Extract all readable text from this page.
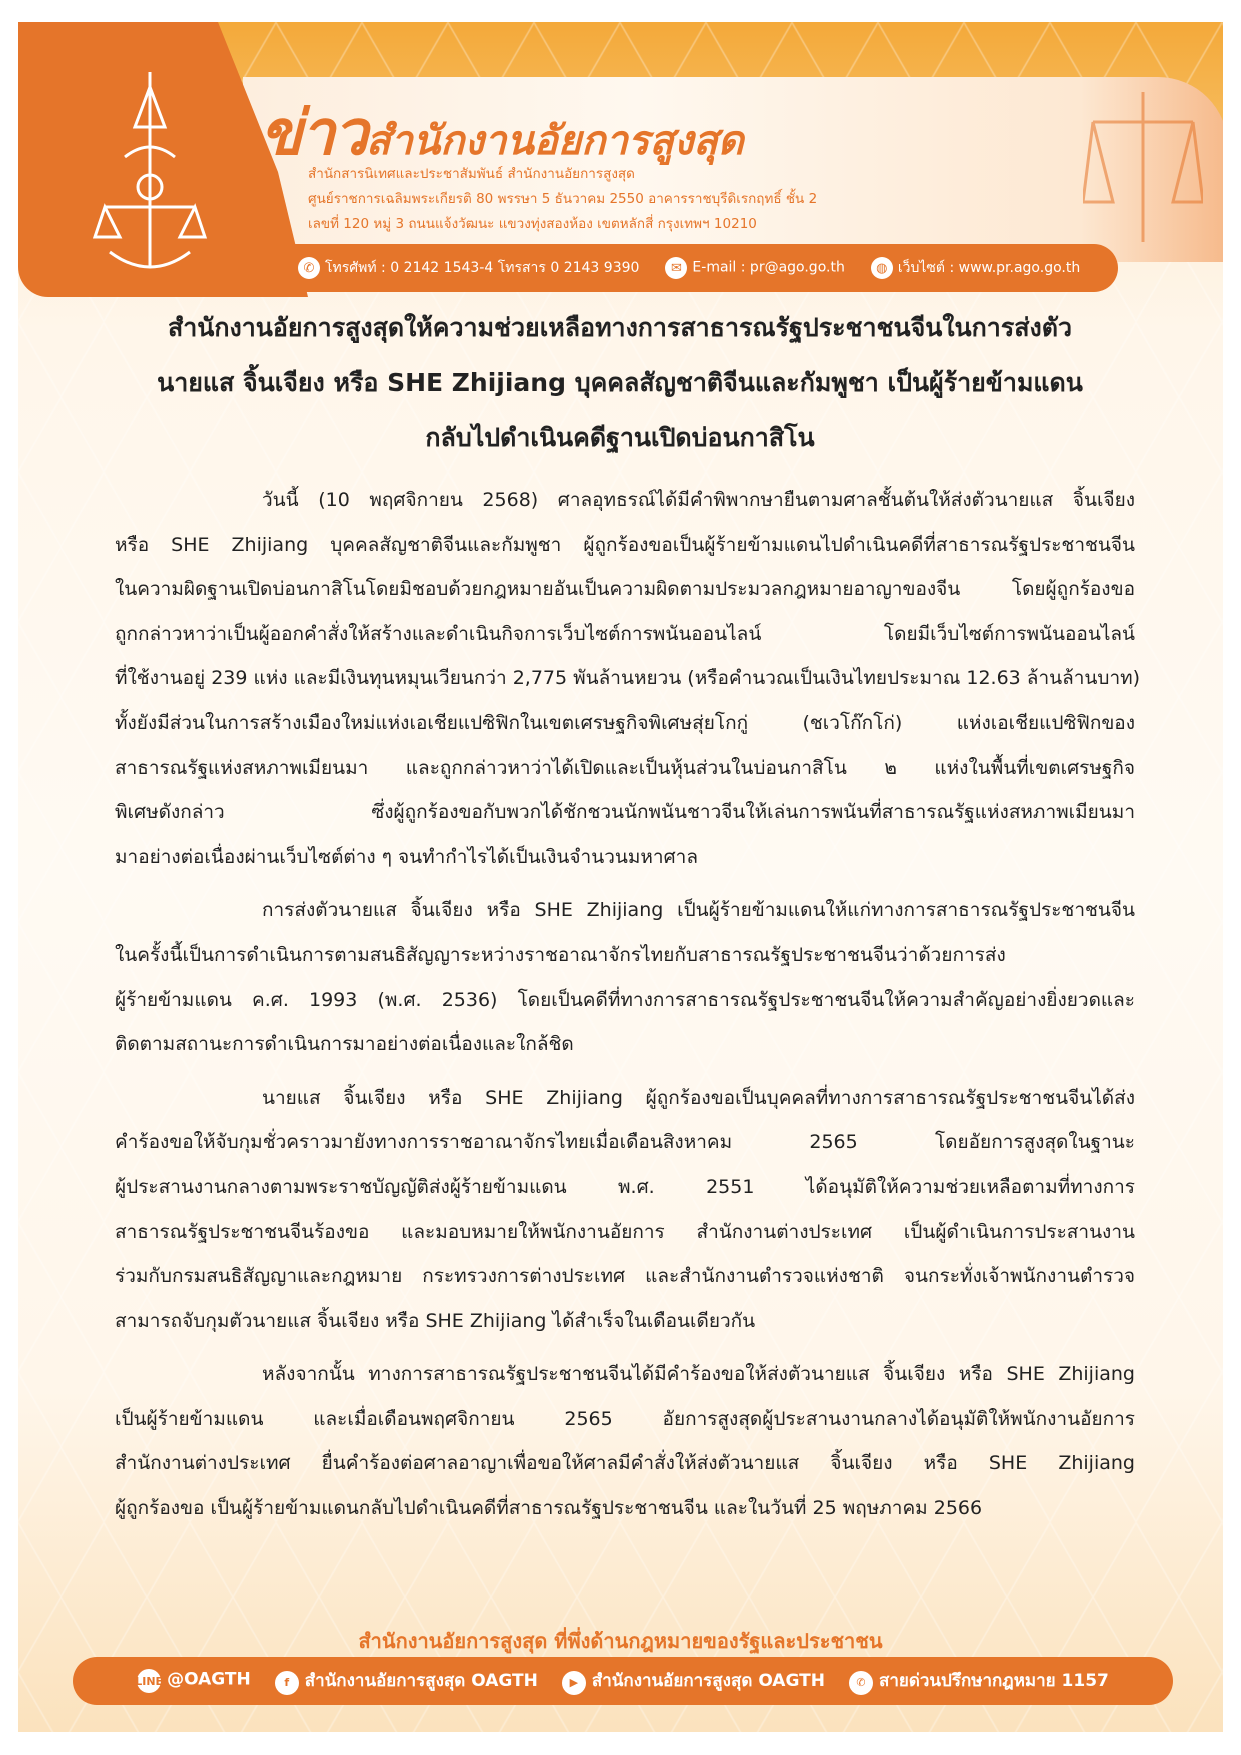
ข่าวสำนักงานอัยการสูงสุด
✆ โทรศัพท์ : 0 2142 1543-4 โทรสาร 0 2143 9390	✉ E-mail : pr@ago.go.th	◍ เว็บไซต์ : www.pr.ago.go.th
สำนักสารนิเทศและประชาสัมพันธ์ สำนักงานอัยการสูงสุด
ศูนย์ราชการเฉลิมพระเกียรติ 80 พรรษา 5 ธันวาคม 2550 อาคารราชบุรีดิเรกฤทธิ์ ชั้น 2
เลขที่ 120 หมู่ 3 ถนนแจ้งวัฒนะ แขวงทุ่งสองห้อง เขตหลักสี่ กรุงเทพฯ 10210
สำนักงานอัยการสูงสุด ที่พึ่งด้านกฎหมายของรัฐและประชาชน
LINE @OAGTH	f สำนักงานอัยการสูงสุด OAGTH	▶ สำนักงานอัยการสูงสุด OAGTH	✆ สายด่วนปรึกษากฎหมาย 1157
สำนักงานอัยการสูงสุดให้ความช่วยเหลือทางการสาธารณรัฐประชาชนจีนในการส่งตัว
นายแส จิ้นเจียง หรือ SHE Zhijiang บุคคลสัญชาติจีนและกัมพูชา เป็นผู้ร้ายข้ามแดน
กลับไปดำเนินคดีฐานเปิดบ่อนกาสิโน
วันนี้ (10 พฤศจิกายน 2568) ศาลอุทธรณ์ได้มีคำพิพากษายืนตามศาลชั้นต้นให้ส่งตัวนายแส จิ้นเจียง
หรือ SHE Zhijiang บุคคลสัญชาติจีนและกัมพูชา ผู้ถูกร้องขอเป็นผู้ร้ายข้ามแดนไปดำเนินคดีที่สาธารณรัฐประชาชนจีน
ในความผิดฐานเปิดบ่อนกาสิโนโดยมิชอบด้วยกฎหมายอันเป็นความผิดตามประมวลกฎหมายอาญาของจีน โดยผู้ถูกร้องขอ
ถูกกล่าวหาว่าเป็นผู้ออกคำสั่งให้สร้างและดำเนินกิจการเว็บไซต์การพนันออนไลน์ โดยมีเว็บไซต์การพนันออนไลน์
ที่ใช้งานอยู่ 239 แห่ง และมีเงินทุนหมุนเวียนกว่า 2,775 พันล้านหยวน (หรือคำนวณเป็นเงินไทยประมาณ 12.63 ล้านล้านบาท)
ทั้งยังมีส่วนในการสร้างเมืองใหม่แห่งเอเชียแปซิฟิกในเขตเศรษฐกิจพิเศษสุ่ยโกกู่ (ชเวโก๊กโก่) แห่งเอเชียแปซิฟิกของ
สาธารณรัฐแห่งสหภาพเมียนมา และถูกกล่าวหาว่าได้เปิดและเป็นหุ้นส่วนในบ่อนกาสิโน ๒ แห่งในพื้นที่เขตเศรษฐกิจ
พิเศษดังกล่าว ซึ่งผู้ถูกร้องขอกับพวกได้ชักชวนนักพนันชาวจีนให้เล่นการพนันที่สาธารณรัฐแห่งสหภาพเมียนมา
มาอย่างต่อเนื่องผ่านเว็บไซต์ต่าง ๆ จนทำกำไรได้เป็นเงินจำนวนมหาศาล
การส่งตัวนายแส จิ้นเจียง หรือ SHE Zhijiang เป็นผู้ร้ายข้ามแดนให้แก่ทางการสาธารณรัฐประชาชนจีน
ในครั้งนี้เป็นการดำเนินการตามสนธิสัญญาระหว่างราชอาณาจักรไทยกับสาธารณรัฐประชาชนจีนว่าด้วยการส่ง
ผู้ร้ายข้ามแดน ค.ศ. 1993 (พ.ศ. 2536) โดยเป็นคดีที่ทางการสาธารณรัฐประชาชนจีนให้ความสำคัญอย่างยิ่งยวดและ
ติดตามสถานะการดำเนินการมาอย่างต่อเนื่องและใกล้ชิด
นายแส จิ้นเจียง หรือ SHE Zhijiang ผู้ถูกร้องขอเป็นบุคคลที่ทางการสาธารณรัฐประชาชนจีนได้ส่ง
คำร้องขอให้จับกุมชั่วคราวมายังทางการราชอาณาจักรไทยเมื่อเดือนสิงหาคม 2565 โดยอัยการสูงสุดในฐานะ
ผู้ประสานงานกลางตามพระราชบัญญัติส่งผู้ร้ายข้ามแดน พ.ศ. 2551 ได้อนุมัติให้ความช่วยเหลือตามที่ทางการ
สาธารณรัฐประชาชนจีนร้องขอ และมอบหมายให้พนักงานอัยการ สำนักงานต่างประเทศ เป็นผู้ดำเนินการประสานงาน
ร่วมกับกรมสนธิสัญญาและกฎหมาย กระทรวงการต่างประเทศ และสำนักงานตำรวจแห่งชาติ จนกระทั่งเจ้าพนักงานตำรวจ
สามารถจับกุมตัวนายแส จิ้นเจียง หรือ SHE Zhijiang ได้สำเร็จในเดือนเดียวกัน
หลังจากนั้น ทางการสาธารณรัฐประชาชนจีนได้มีคำร้องขอให้ส่งตัวนายแส จิ้นเจียง หรือ SHE Zhijiang
เป็นผู้ร้ายข้ามแดน และเมื่อเดือนพฤศจิกายน 2565 อัยการสูงสุดผู้ประสานงานกลางได้อนุมัติให้พนักงานอัยการ
สำนักงานต่างประเทศ ยื่นคำร้องต่อศาลอาญาเพื่อขอให้ศาลมีคำสั่งให้ส่งตัวนายแส จิ้นเจียง หรือ SHE Zhijiang
ผู้ถูกร้องขอ เป็นผู้ร้ายข้ามแดนกลับไปดำเนินคดีที่สาธารณรัฐประชาชนจีน และในวันที่ 25 พฤษภาคม 2566
